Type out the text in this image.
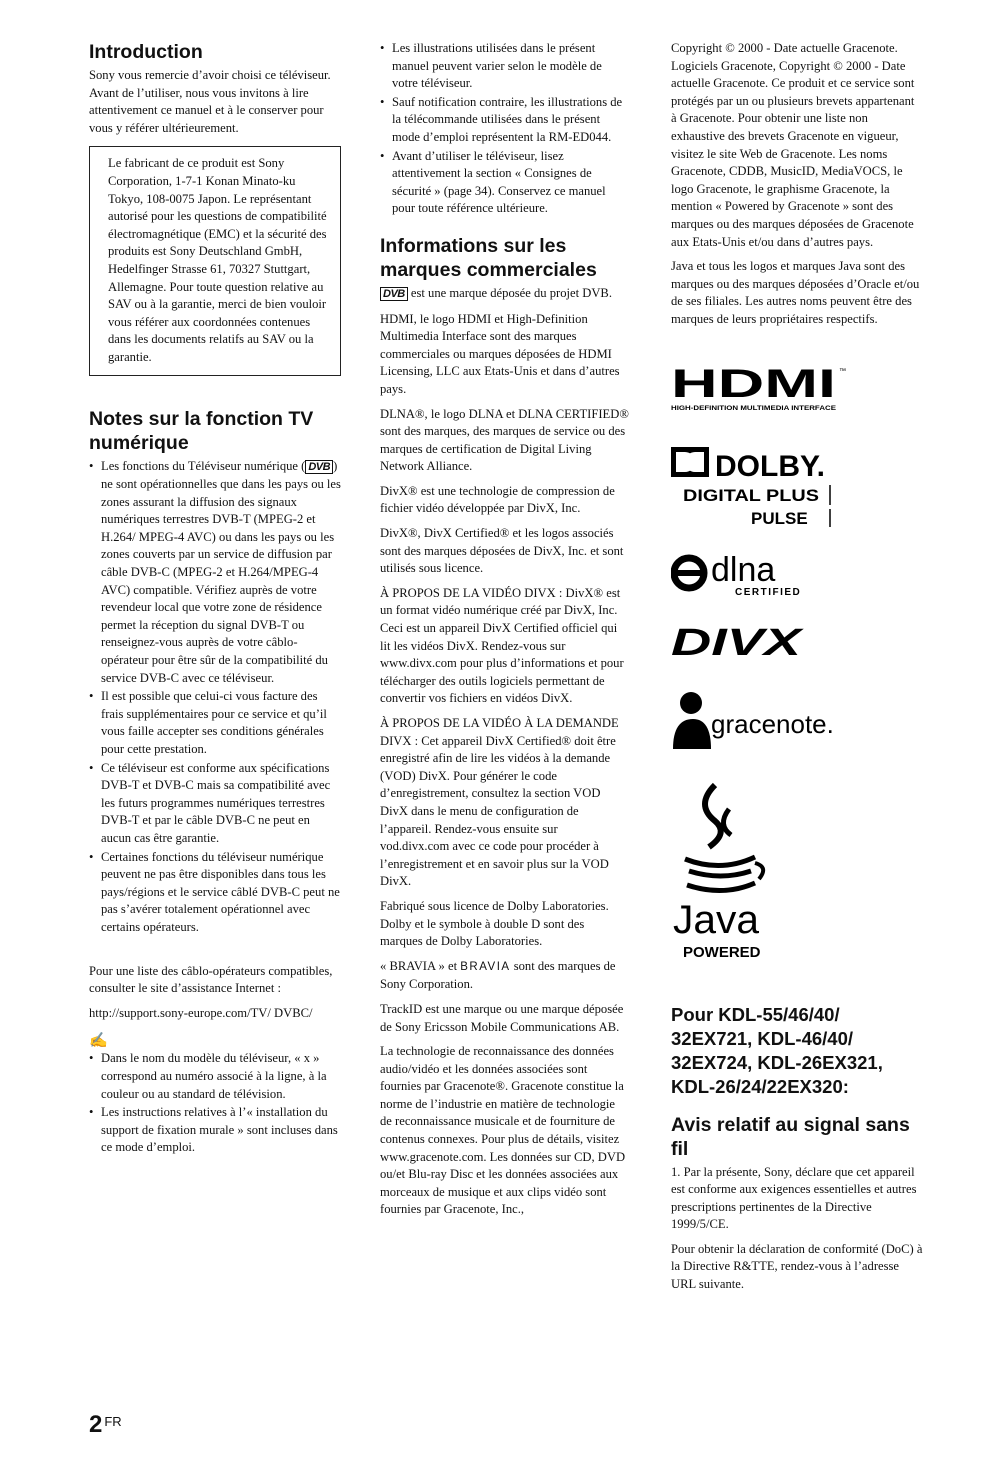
Introduction

Sony vous remercie d’avoir choisi ce téléviseur. Avant de l’utiliser, nous vous invitons à lire attentivement ce manuel et à le conserver pour vous y référer ultérieurement.

Le fabricant de ce produit est Sony Corporation, 1-7-1 Konan Minato-ku Tokyo, 108-0075 Japon. Le représentant autorisé pour les questions de compatibilité électromagnétique (EMC) et la sécurité des produits est Sony Deutschland GmbH, Hedelfinger Strasse 61, 70327 Stuttgart, Allemagne. Pour toute question relative au SAV ou à la garantie, merci de bien vouloir vous référer aux coordonnées contenues dans les documents relatifs au SAV ou la garantie.
Notes sur la fonction TV numérique
• Les fonctions du Téléviseur numérique ( DVB ) ne sont opérationnelles que dans les pays ou les zones assurant la diffusion des signaux numériques terrestres DVB-T (MPEG-2 et H.264/ MPEG-4 AVC) ou dans les pays ou les zones couverts par un service de diffusion par câble DVB-C (MPEG-2 et H.264/MPEG-4 AVC) compatible. Vérifiez auprès de votre revendeur local que votre zone de résidence permet la réception du signal DVB-T ou renseignez-vous auprès de votre câblo-opérateur pour être sûr de la compatibilité du service DVB-C avec ce téléviseur.
• Il est possible que celui-ci vous facture des frais supplémentaires pour ce service et qu’il vous faille accepter ses conditions générales pour cette prestation.
• Ce téléviseur est conforme aux spécifications DVB-T et DVB-C mais sa compatibilité avec les futurs programmes numériques terrestres DVB-T et par le câble DVB-C ne peut en aucun cas être garantie.
• Certaines fonctions du téléviseur numérique peuvent ne pas être disponibles dans tous les pays/régions et le service câblé DVB-C peut ne pas s’avérer totalement opérationnel avec certains opérateurs.

Pour une liste des câblo-opérateurs compatibles, consulter le site d’assistance Internet :

http://support.sony-europe.com/TV/ DVBC/

✍
• Dans le nom du modèle du téléviseur, « x » correspond au numéro associé à la ligne, à la couleur ou au standard de télévision.
• Les instructions relatives à l’« installation du support de fixation murale » sont incluses dans ce mode d’emploi.
• Les illustrations utilisées dans le présent manuel peuvent varier selon le modèle de votre téléviseur.
• Sauf notification contraire, les illustrations de la télécommande utilisées dans le présent mode d’emploi représentent la RM-ED044.
• Avant d’utiliser le téléviseur, lisez attentivement la section « Consignes de sécurité » (page 34). Conservez ce manuel pour toute référence ultérieure.
Informations sur les marques commerciales

DVB est une marque déposée du projet DVB.

HDMI, le logo HDMI et High-Definition Multimedia Interface sont des marques commerciales ou marques déposées de HDMI Licensing, LLC aux Etats-Unis et dans d’autres pays.

DLNA®, le logo DLNA et DLNA CERTIFIED® sont des marques, des marques de service ou des marques de certification de Digital Living Network Alliance.

DivX® est une technologie de compression de fichier vidéo développée par DivX, Inc.

DivX®, DivX Certified® et les logos associés sont des marques déposées de DivX, Inc. et sont utilisés sous licence.

À PROPOS DE LA VIDÉO DIVX : DivX® est un format vidéo numérique créé par DivX, Inc. Ceci est un appareil DivX Certified officiel qui lit les vidéos DivX. Rendez-vous sur www.divx.com pour plus d’informations et pour télécharger des outils logiciels permettant de convertir vos fichiers en vidéos DivX.

À PROPOS DE LA VIDÉO À LA DEMANDE DIVX : Cet appareil DivX Certified® doit être enregistré afin de lire les vidéos à la demande (VOD) DivX. Pour générer le code d’enregistrement, consultez la section VOD DivX dans le menu de configuration de l’appareil. Rendez-vous ensuite sur vod.divx.com avec ce code pour procéder à l’enregistrement et en savoir plus sur la VOD DivX.

Fabriqué sous licence de Dolby Laboratories. Dolby et le symbole à double D sont des marques de Dolby Laboratories.

« BRAVIA » et BRAVIA sont des marques de Sony Corporation.

TrackID est une marque ou une marque déposée de Sony Ericsson Mobile Communications AB.

La technologie de reconnaissance des données audio/vidéo et les données associées sont fournies par Gracenote®. Gracenote constitue la norme de l’industrie en matière de technologie de reconnaissance musicale et de fourniture de contenus connexes. Pour plus de détails, visitez www.gracenote.com. Les données sur CD, DVD ou/et Blu-ray Disc et les données associées aux morceaux de musique et aux clips vidéo sont fournies par Gracenote, Inc.,

Copyright © 2000 - Date actuelle Gracenote. Logiciels Gracenote, Copyright © 2000 - Date actuelle Gracenote. Ce produit et ce service sont protégés par un ou plusieurs brevets appartenant à Gracenote. Pour obtenir une liste non exhaustive des brevets Gracenote en vigueur, visitez le site Web de Gracenote. Les noms Gracenote, CDDB, MusicID, MediaVOCS, le logo Gracenote, le graphisme Gracenote, la mention « Powered by Gracenote » sont des marques ou des marques déposées de Gracenote aux Etats-Unis et/ou dans d’autres pays.

Java et tous les logos et marques Java sont des marques ou des marques déposées d’Oracle et/ou de ses filiales. Les autres noms peuvent être des marques de leurs propriétaires respectifs.

HDMI ™
HIGH-DEFINITION MULTIMEDIA INTERFACE
DOLBY.
DIGITAL PLUS
PULSE
dlna
CERTIFIED
DIVX
gracenote.
Java
POWERED
Pour KDL-55/46/40/ 32EX721, KDL-46/40/ 32EX724, KDL-26EX321, KDL-26/24/22EX320:
Avis relatif au signal sans fil

1. Par la présente, Sony, déclare que cet appareil est conforme aux exigences essentielles et autres prescriptions pertinentes de la Directive 1999/5/CE.

Pour obtenir la déclaration de conformité (DoC) à la Directive R&TTE, rendez-vous à l’adresse URL suivante.

2 $^{FR}$
